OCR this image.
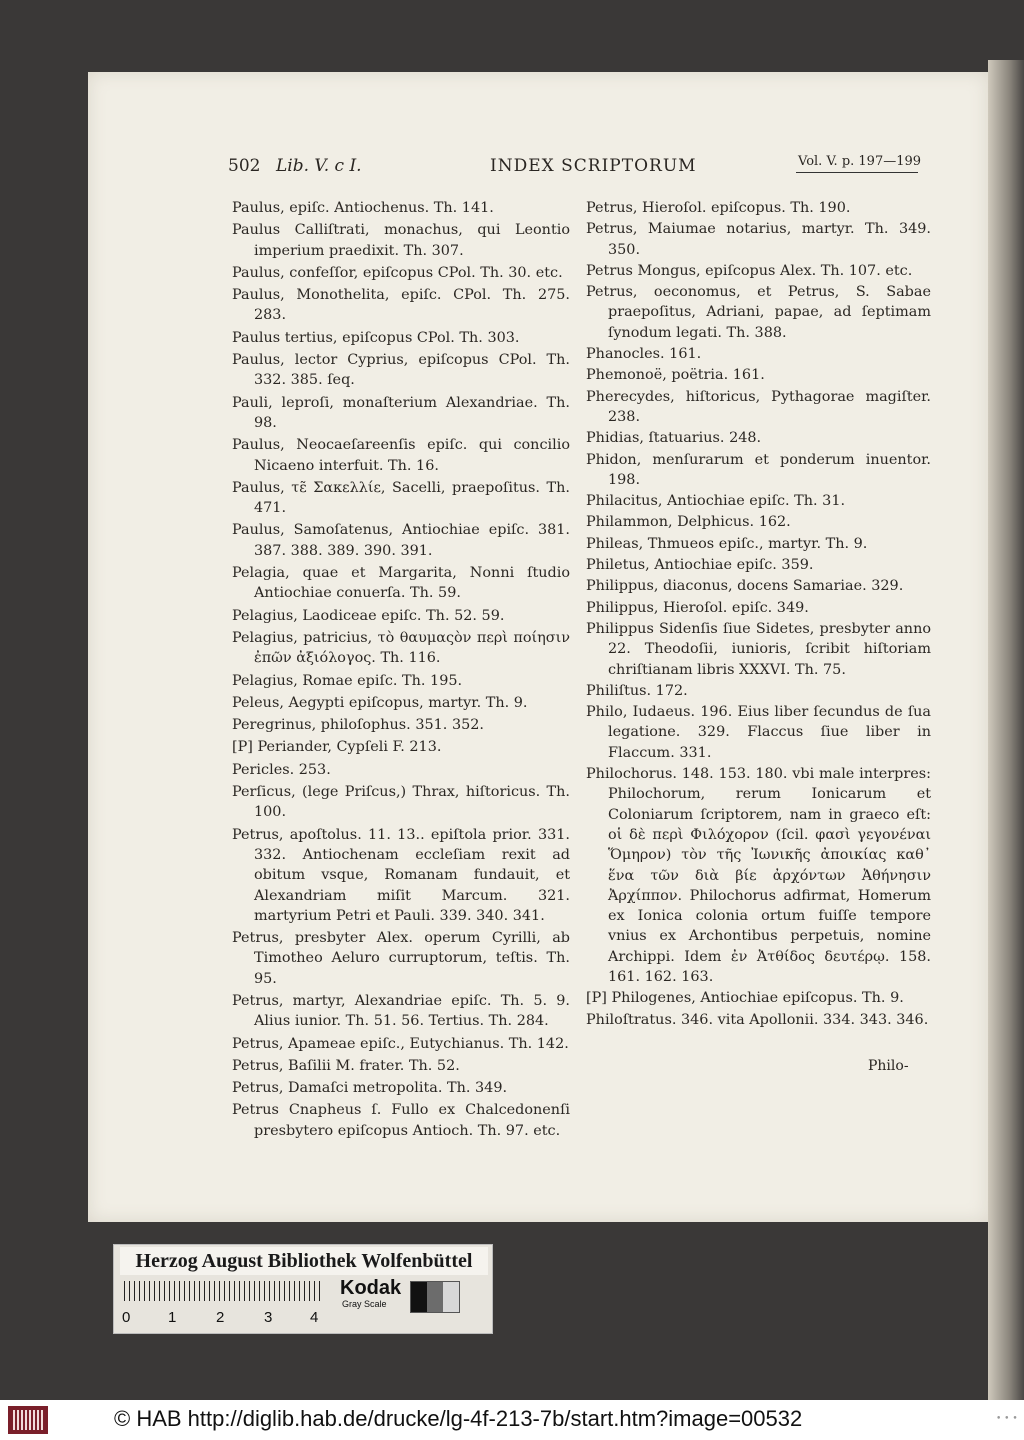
502 Lib. V. c I.	INDEX SCRIPTORUM	Vol. V. p. 197—199
Paulus, epiſc. Antiochenus. Th. 141.
Paulus Calliſtrati, monachus, qui Leontio imperium praedixit. Th. 307.
Paulus, confeſſor, epiſcopus CPol. Th. 30. etc.
Paulus, Monothelita, epiſc. CPol. Th. 275. 283.
Paulus tertius, epiſcopus CPol. Th. 303.
Paulus, lector Cyprius, epiſcopus CPol. Th. 332. 385. ſeq.
Pauli, leproſi, monaſterium Alexandriae. Th. 98.
Paulus, Neocaeſareenſis epiſc. qui concilio Nicaeno interfuit. Th. 16.
Paulus, τε̃ Σακελλίε, Sacelli, praepoſitus. Th. 471.
Paulus, Samoſatenus, Antiochiae epiſc. 381. 387. 388. 389. 390. 391.
Pelagia, quae et Margarita, Nonni ſtudio Antiochiae conuerſa. Th. 59.
Pelagius, Laodiceae epiſc. Th. 52. 59.
Pelagius, patricius, τὸ θαυμαςὸν περὶ ποίησιν ἐπῶν ἀξιόλογος. Th. 116.
Pelagius, Romae epiſc. Th. 195.
Peleus, Aegypti epiſcopus, martyr. Th. 9.
Peregrinus, philoſophus. 351. 352.
[P] Periander, Cypſeli F. 213.
Pericles. 253.
Perſicus, (lege Priſcus,) Thrax, hiſtoricus. Th. 100.
Petrus, apoſtolus. 11. 13.. epiſtola prior. 331. 332. Antiochenam eccleſiam rexit ad obitum vsque, Romanam fundauit, et Alexandriam miſit Marcum. 321. martyrium Petri et Pauli. 339. 340. 341.
Petrus, presbyter Alex. operum Cyrilli, ab Timotheo Aeluro curruptorum, teſtis. Th. 95.
Petrus, martyr, Alexandriae epiſc. Th. 5. 9. Alius iunior. Th. 51. 56. Tertius. Th. 284.
Petrus, Apameae epiſc., Eutychianus. Th. 142.
Petrus, Baſilii M. frater. Th. 52.
Petrus, Damaſci metropolita. Th. 349.
Petrus Cnapheus ſ. Fullo ex Chalcedonenſi presbytero epiſcopus Antioch. Th. 97. etc.
Petrus, Hieroſol. epiſcopus. Th. 190.
Petrus, Maiumae notarius, martyr. Th. 349. 350.
Petrus Mongus, epiſcopus Alex. Th. 107. etc.
Petrus, oeconomus, et Petrus, S. Sabae praepoſitus, Adriani, papae, ad ſeptimam ſynodum legati. Th. 388.
Phanocles. 161.
Phemonoë, poëtria. 161.
Pherecydes, hiſtoricus, Pythagorae magiſter. 238.
Phidias, ſtatuarius. 248.
Phidon, menſurarum et ponderum inuentor. 198.
Philacitus, Antiochiae epiſc. Th. 31.
Philammon, Delphicus. 162.
Phileas, Thmueos epiſc., martyr. Th. 9.
Philetus, Antiochiae epiſc. 359.
Philippus, diaconus, docens Samariae. 329.
Philippus, Hieroſol. epiſc. 349.
Philippus Sidenſis ſiue Sidetes, presbyter anno 22. Theodoſii, iunioris, ſcribit hiſtoriam chriſtianam libris XXXVI. Th. 75.
Philiſtus. 172.
Philo, Iudaeus. 196. Eius liber ſecundus de ſua legatione. 329. Flaccus ſiue liber in Flaccum. 331.
Philochorus. 148. 153. 180. vbi male interpres: Philochorum, rerum Ionicarum et Coloniarum ſcriptorem, nam in graeco eſt: οἱ δὲ περὶ Φιλόχορον (ſcil. φασὶ γεγονέναι Ὅμηρον) τὸν τῆς Ἰωνικῆς ἀποικίας καθ᾽ ἕνα τῶν διὰ βίε ἀρχόντων Ἀθήνησιν Ἀρχίππον. Philochorus adfirmat, Homerum ex Ionica colonia ortum fuiſſe tempore vnius ex Archontibus perpetuis, nomine Archippi. Idem ἐν Ἀτθίδος δευτέρῳ. 158. 161. 162. 163.
[P] Philogenes, Antiochiae epiſcopus. Th. 9.
Philoſtratus. 346. vita Apollonii. 334. 343. 346.
Philo-
Herzog August Bibliothek Wolfenbüttel
0	1	2	3	4
Kodak
Gray Scale
© HAB http://diglib.hab.de/drucke/lg-4f-213-7b/start.htm?image=00532	• • •
